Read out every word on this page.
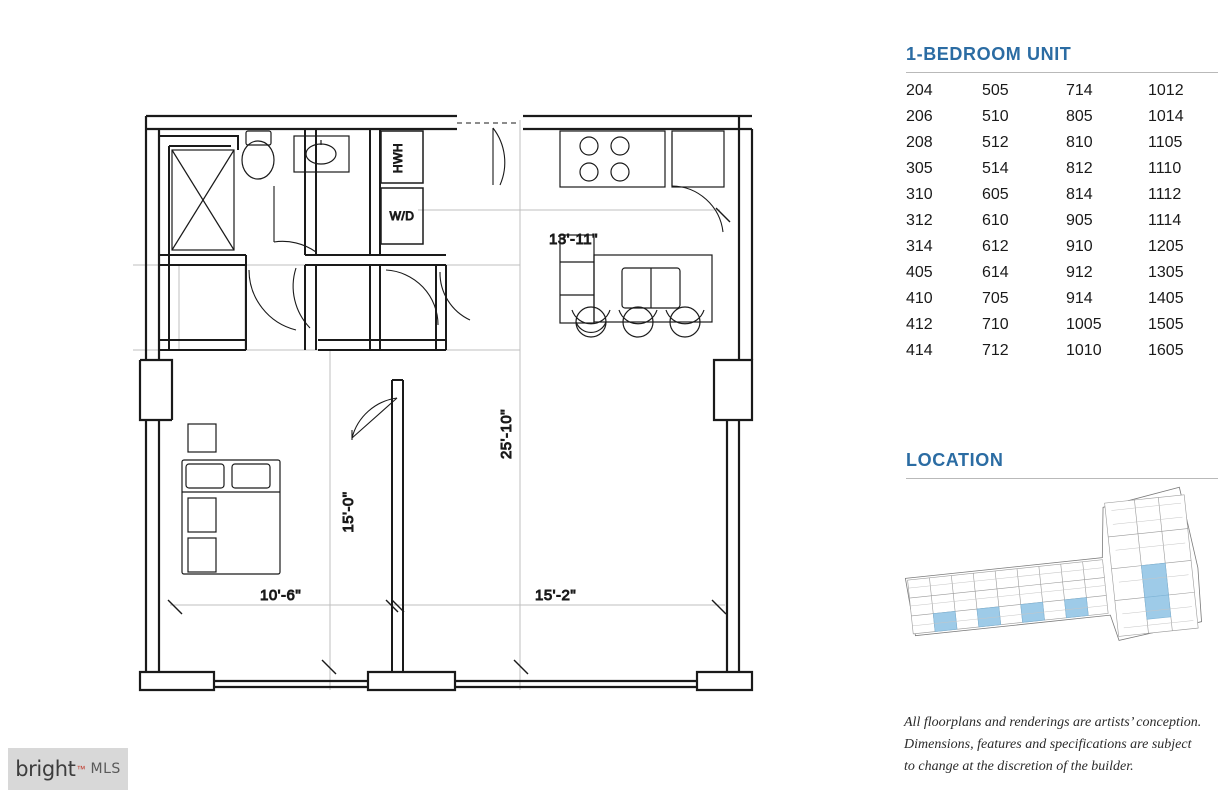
HWH
W/D
13'-11"
25'-10"
15'-0"
10'-6"	15'-2"
1-BEDROOM UNIT
204	505	714	1012
206	510	805	1014
208	512	810	1105
305	514	812	1110
310	605	814	1112
312	610	905	1114
314	612	910	1205
405	614	912	1305
410	705	914	1405
412	710	1005	1505
414	712	1010	1605
LOCATION

All floorplans and renderings are artists’ conception.

Dimensions, features and specifications are subject

to change at the discretion of the builder.

bright ™ MLS
